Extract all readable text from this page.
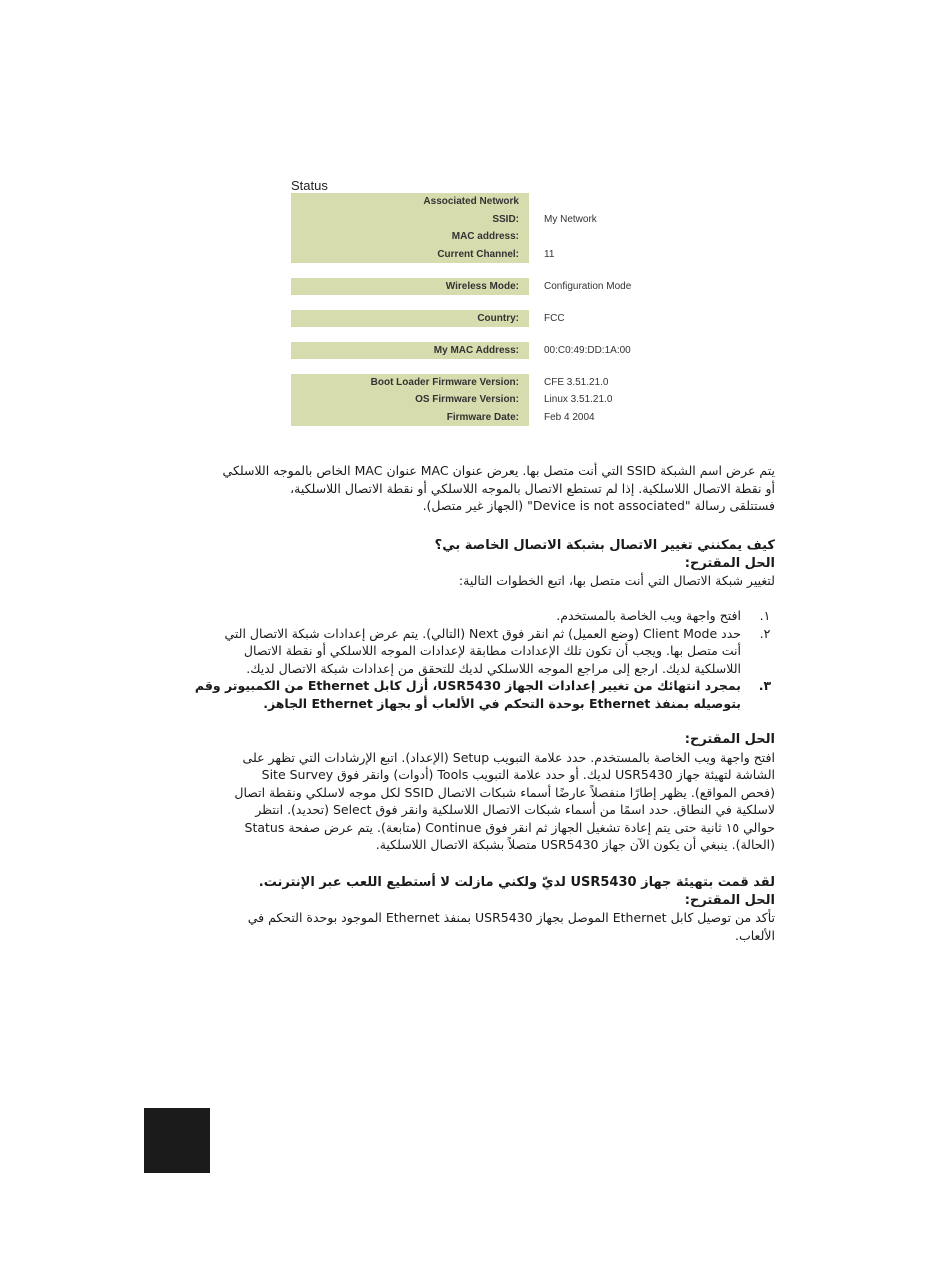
Status
Associated Network
SSID:	My Network
MAC address:
Current Channel:	11
Wireless Mode:	Configuration Mode
Country:	FCC
My MAC Address:	00:C0:49:DD:1A:00
Boot Loader Firmware Version:	CFE 3.51.21.0
OS Firmware Version:	Linux 3.51.21.0
Firmware Date:	Feb 4 2004
يتم عرض اسم الشبكة SSID التي أنت متصل بها. يعرض عنوان MAC عنوان MAC الخاص بالموجه اللاسلكي
أو نقطة الاتصال اللاسلكية. إذا لم تستطع الاتصال بالموجه اللاسلكي أو نقطة الاتصال اللاسلكية،
فستتلقى رسالة "Device is not associated" (الجهاز غير متصل).
كيف يمكنني تغيير الاتصال بشبكة الاتصال الخاصة بي؟
الحل المقترح:
لتغيير شبكة الاتصال التي أنت متصل بها، اتبع الخطوات التالية:
١.
افتح واجهة ويب الخاصة بالمستخدم.
٢.
حدد Client Mode (وضع العميل) ثم انقر فوق Next (التالي). يتم عرض إعدادات شبكة الاتصال التي
أنت متصل بها. ويجب أن تكون تلك الإعدادات مطابقة لإعدادات الموجه اللاسلكي أو نقطة الاتصال
اللاسلكية لديك. ارجع إلى مراجع الموجه اللاسلكي لديك للتحقق من إعدادات شبكة الاتصال لديك.
٣.
بمجرد انتهائك من تغيير إعدادات الجهاز USR5430، أزل كابل Ethernet من الكمبيوتر وقم
بتوصيله بمنفذ Ethernet بوحدة التحكم في الألعاب أو بجهاز Ethernet الجاهز.
الحل المقترح:
افتح واجهة ويب الخاصة بالمستخدم. حدد علامة التبويب Setup (الإعداد). اتبع الإرشادات التي تظهر على
الشاشة لتهيئة جهاز USR5430 لديك. أو حدد علامة التبويب Tools (أدوات) وانقر فوق Site Survey
(فحص المواقع). يظهر إطارًا منفصلاً عارضًا أسماء شبكات الاتصال SSID لكل موجه لاسلكي ونقطة اتصال
لاسلكية في النطاق. حدد اسمًا من أسماء شبكات الاتصال اللاسلكية وانقر فوق Select (تحديد). انتظر
حوالي ١٥ ثانية حتى يتم إعادة تشغيل الجهاز ثم انقر فوق Continue (متابعة). يتم عرض صفحة Status
(الحالة). ينبغي أن يكون الآن جهاز USR5430 متصلاً بشبكة الاتصال اللاسلكية.
لقد قمت بتهيئة جهاز USR5430 لديّ ولكني مازلت لا أستطيع اللعب عبر الإنترنت.
الحل المقترح:
تأكد من توصيل كابل Ethernet الموصل بجهاز USR5430 بمنفذ Ethernet الموجود بوحدة التحكم في
الألعاب.
